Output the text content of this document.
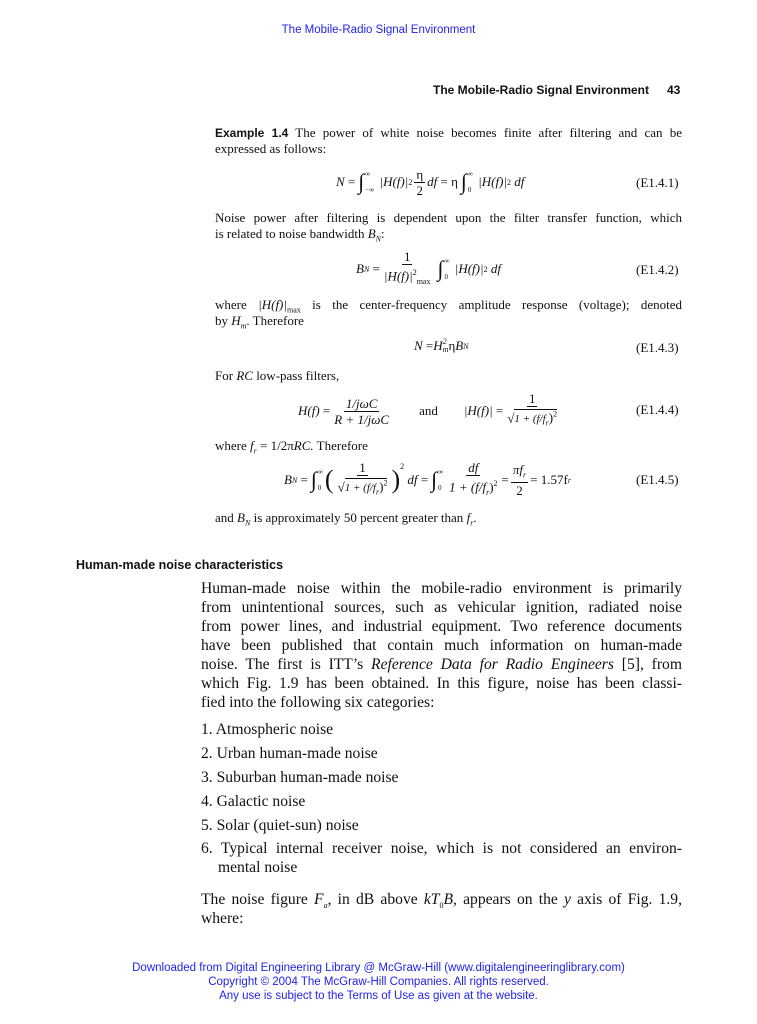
The Mobile-Radio Signal Environment
The Mobile-Radio Signal Environment 43
Example 1.4 The power of white noise becomes finite after filtering and can be
expressed as follows:
N
= ∫ ∞
−∞

|H(f)| $2 \frac{\eta}{2}$ df
= η ∫ ∞
0

|H(f)| 2
df	(E1.4.1)
Noise power after filtering is dependent upon the filter transfer function, which
is related to noise bandwidth $B_N$:
B N
= $\frac{1}{|H(f)|^2_{max}}$ ∫ ∞
0

|H(f)| 2
df	(E1.4.2)
where $|H(f)|_{max}$ is the center-frequency amplitude response (voltage); denoted
by $H_m$. Therefore
N
= H 2
m η B N	(E1.4.3)
For RC low-pass filters,
H(f)
= $\frac{\text{1/jωC}}{\text{R + 1/jωC}}$ and |H(f)|
= $\frac{1}{√1 + (f/f_r)^2}$	(E1.4.4)
where $f_r = 1/2\pi RC$. Therefore
B N
= ∫ ∞
0 ( $\frac{1}{√1 + (f/f_r)^2} )^2$

df
= ∫ ∞
$0 \frac{df}{1 + (f/f_r)^2} = \frac{\pi f_r}{2} = 1.57f$ r	(E1.4.5)
and $B_N$ is approximately 50 percent greater than $f_r$.
Human-made noise characteristics
Human-made noise within the mobile-radio environment is primarily
from unintentional sources, such as vehicular ignition, radiated noise
from power lines, and industrial equipment. Two reference documents
have been published that contain much information on human-made
noise. The first is ITT’s Reference Data for Radio Engineers [5], from
which Fig. 1.9 has been obtained. In this figure, noise has been classi-
fied into the following six categories:
1. Atmospheric noise
2. Urban human-made noise
3. Suburban human-made noise
4. Galactic noise
5. Solar (quiet-sun) noise
6. Typical internal receiver noise, which is not considered an environ-
mental noise
The noise figure $F_a$, in dB above $kT_0B$, appears on the y axis of Fig. 1.9,
where:
Downloaded from Digital Engineering Library @ McGraw-Hill (www.digitalengineeringlibrary.com)
Copyright © 2004 The McGraw-Hill Companies. All rights reserved.
Any use is subject to the Terms of Use as given at the website.
